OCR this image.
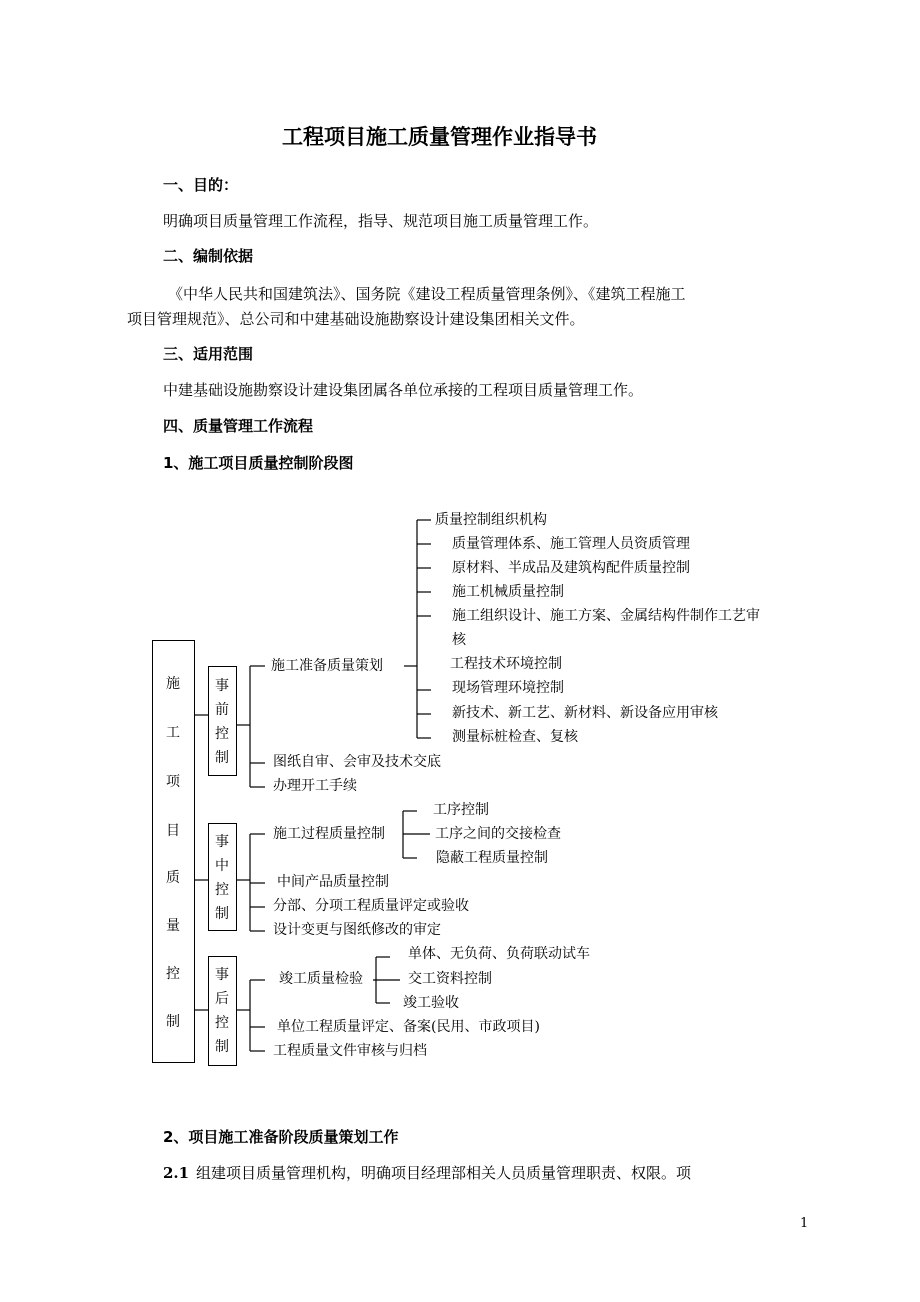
工程项目施工质量管理作业指导书
一、目的：
明确项目质量管理工作流程，指导、规范项目施工质量管理工作。
二、编制依据
《中华人民共和国建筑法》、国务院《建设工程质量管理条例》、《建筑工程施工
项目管理规范》、总公司和中建基础设施勘察设计建设集团相关文件。
三、适用范围
中建基础设施勘察设计建设集团属各单位承接的工程项目质量管理工作。
四、质量管理工作流程
1、施工项目质量控制阶段图
施
工
项
目
质
量
控
制
事
前
控
制
事
中
控
制
事
后
控
制
施工准备质量策划
质量控制组织机构
质量管理体系、施工管理人员资质管理
原材料、半成品及建筑构配件质量控制
施工机械质量控制
施工组织设计、施工方案、金属结构件制作工艺审
核
工程技术环境控制
现场管理环境控制
新技术、新工艺、新材料、新设备应用审核
测量标桩检查、复核
图纸自审、会审及技术交底
办理开工手续
施工过程质量控制
工序控制
工序之间的交接检查
隐蔽工程质量控制
中间产品质量控制
分部、分项工程质量评定或验收
设计变更与图纸修改的审定
竣工质量检验
单体、无负荷、负荷联动试车
交工资料控制
竣工验收
单位工程质量评定、备案(民用、市政项目)
工程质量文件审核与归档
2、项目施工准备阶段质量策划工作
2.1 组建项目质量管理机构，明确项目经理部相关人员质量管理职责、权限。项
1
